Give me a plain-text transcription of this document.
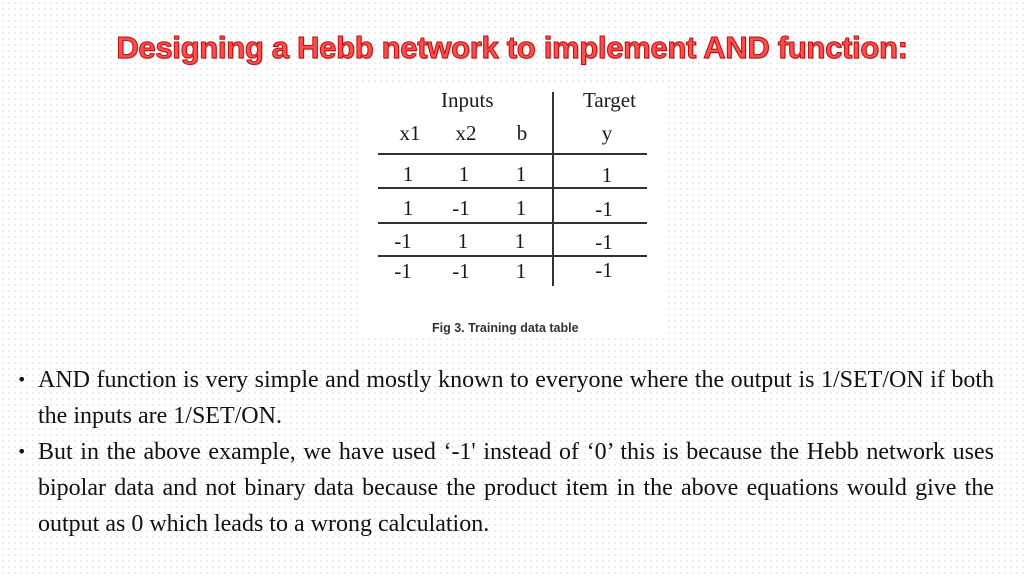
Designing a Hebb network to implement AND function:
Inputs	Target
x1 x2 b	y
1 1 1	1
1 -1 1	-1
-1 1 1	-1
-1 -1 1	-1
Fig 3. Training data table
• AND function is very simple and mostly known to everyone where the output is 1/SET/ON if both the inputs are 1/SET/ON.
• But in the above example, we have used ‘-1' instead of ‘0’ this is because the Hebb network uses bipolar data and not binary data because the product item in the above equations would give the output as 0 which leads to a wrong calculation.
